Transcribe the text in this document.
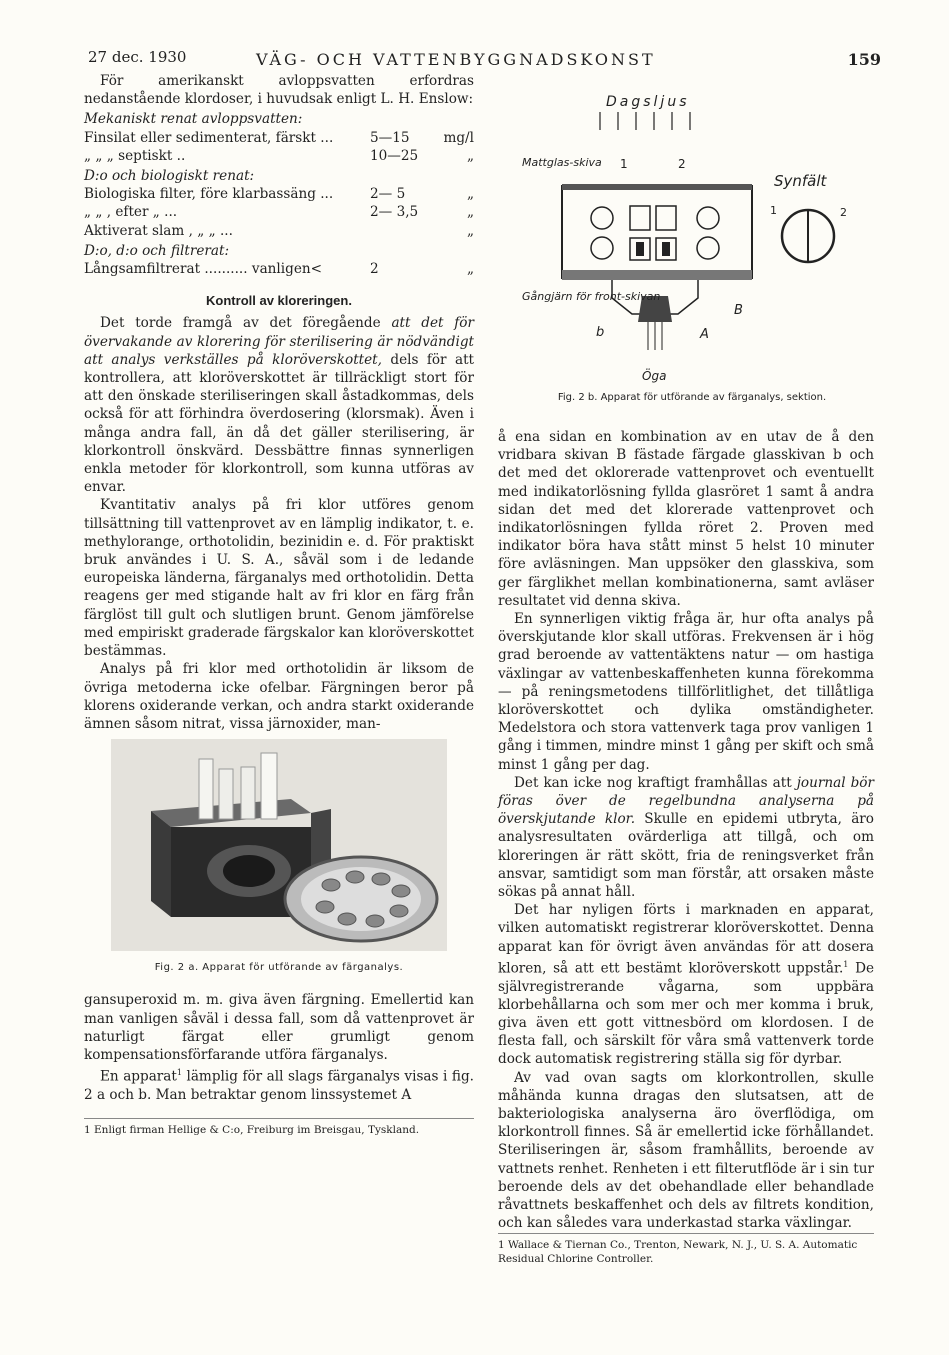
27 dec. 1930	VÄG- OCH VATTENBYGGNADSKONST	159

För amerikanskt avloppsvatten erfordras nedanstående klordoser, i huvudsak enligt L. H. Enslow:

Mekaniskt renat avloppsvatten:
Finsilat eller sedimenterat, färskt ...	5—15	mg/l
„ „ „ septiskt ..	10—25	„
D:o och biologiskt renat:
Biologiska filter, före klarbassäng ...	2— 5	„
„ „ , efter „ ...	2— 3,5	„
Aktiverat slam , „ „ ...	„
D:o, d:o och filtrerat:
Långsamfiltrerat .......... vanligen<	2	„
Kontroll av kloreringen.

Det torde framgå av det föregående att det för övervakande av klorering för sterilisering är nödvändigt att analys verkställes på kloröverskottet, dels för att kontrollera, att kloröverskottet är tillräckligt stort för att den önskade steriliseringen skall åstadkommas, dels också för att förhindra överdosering (klorsmak). Även i många andra fall, än då det gäller sterilisering, är klorkontroll önskvärd. Dessbättre finnas synnerligen enkla metoder för klorkontroll, som kunna utföras av envar.

Kvantitativ analys på fri klor utföres genom tillsättning till vattenprovet av en lämplig indikator, t. e. methylorange, orthotolidin, bezinidin e. d. För praktiskt bruk användes i U. S. A., såväl som i de ledande europeiska länderna, färganalys med orthotolidin. Detta reagens ger med stigande halt av fri klor en färg från färglöst till gult och slutligen brunt. Genom jämförelse med empiriskt graderade färgskalor kan kloröverskottet bestämmas.

Analys på fri klor med orthotolidin är liksom de övriga metoderna icke ofelbar. Färgningen beror på klorens oxiderande verkan, och andra starkt oxiderande ämnen såsom nitrat, vissa järnoxider, man-

Fig. 2 a. Apparat för utförande av färganalys.

gansuperoxid m. m. giva även färgning. Emellertid kan man vanligen såväl i dessa fall, som då vattenprovet är naturligt färgat eller grumligt genom kompensationsförfarande utföra färganalys.

En apparat$^1$ lämplig för all slags färganalys visas i fig. 2 a och b. Man betraktar genom linssystemet A

1 Enligt firman Hellige & C:o, Freiburg im Breisgau, Tyskland.
Dagsljus
Mattglas-skiva 1	2
Gångjärn för front-skivan
b	A
B
Öga
Synfält
1	2
Fig. 2 b. Apparat för utförande av färganalys, sektion.

å ena sidan en kombination av en utav de å den vridbara skivan B fästade färgade glasskivan b och det med det oklorerade vattenprovet och eventuellt med indikatorlösning fyllda glasröret 1 samt å andra sidan det med det klorerade vattenprovet och indikatorlösningen fyllda röret 2. Proven med indikator böra hava stått minst 5 helst 10 minuter före avläsningen. Man uppsöker den glasskiva, som ger färglikhet mellan kombinationerna, samt avläser resultatet vid denna skiva.

En synnerligen viktig fråga är, hur ofta analys på överskjutande klor skall utföras. Frekvensen är i hög grad beroende av vattentäktens natur — om hastiga växlingar av vattenbeskaffenheten kunna förekomma — på reningsmetodens tillförlitlighet, det tillåtliga kloröverskottet och dylika omständigheter. Medelstora och stora vattenverk taga prov vanligen 1 gång i timmen, mindre minst 1 gång per skift och små minst 1 gång per dag.

Det kan icke nog kraftigt framhållas att journal bör föras över de regelbundna analyserna på överskjutande klor. Skulle en epidemi utbryta, äro analysresultaten ovärderliga att tillgå, och om kloreringen är rätt skött, fria de reningsverket från ansvar, samtidigt som man förstår, att orsaken måste sökas på annat håll.

Det har nyligen förts i marknaden en apparat, vilken automatiskt registrerar kloröverskottet. Denna apparat kan för övrigt även användas för att dosera kloren, så att ett bestämt kloröverskott uppstår.$^1$ De självregistrerande vågarna, som uppbära klorbehållarna och som mer och mer komma i bruk, giva även ett gott vittnesbörd om klordosen. I de flesta fall, och särskilt för våra små vattenverk torde dock automatisk registrering ställa sig för dyrbar.

Av vad ovan sagts om klorkontrollen, skulle måhända kunna dragas den slutsatsen, att de bakteriologiska analyserna äro överflödiga, om klorkontroll finnes. Så är emellertid icke förhållandet. Steriliseringen är, såsom framhållits, beroende av vattnets renhet. Renheten i ett filterutflöde är i sin tur beroende dels av det obehandlade eller behandlade råvattnets beskaffenhet och dels av filtrets kondition, och kan således vara underkastad starka växlingar.

1 Wallace & Tiernan Co., Trenton, Newark, N. J., U. S. A. Automatic Residual Chlorine Controller.
